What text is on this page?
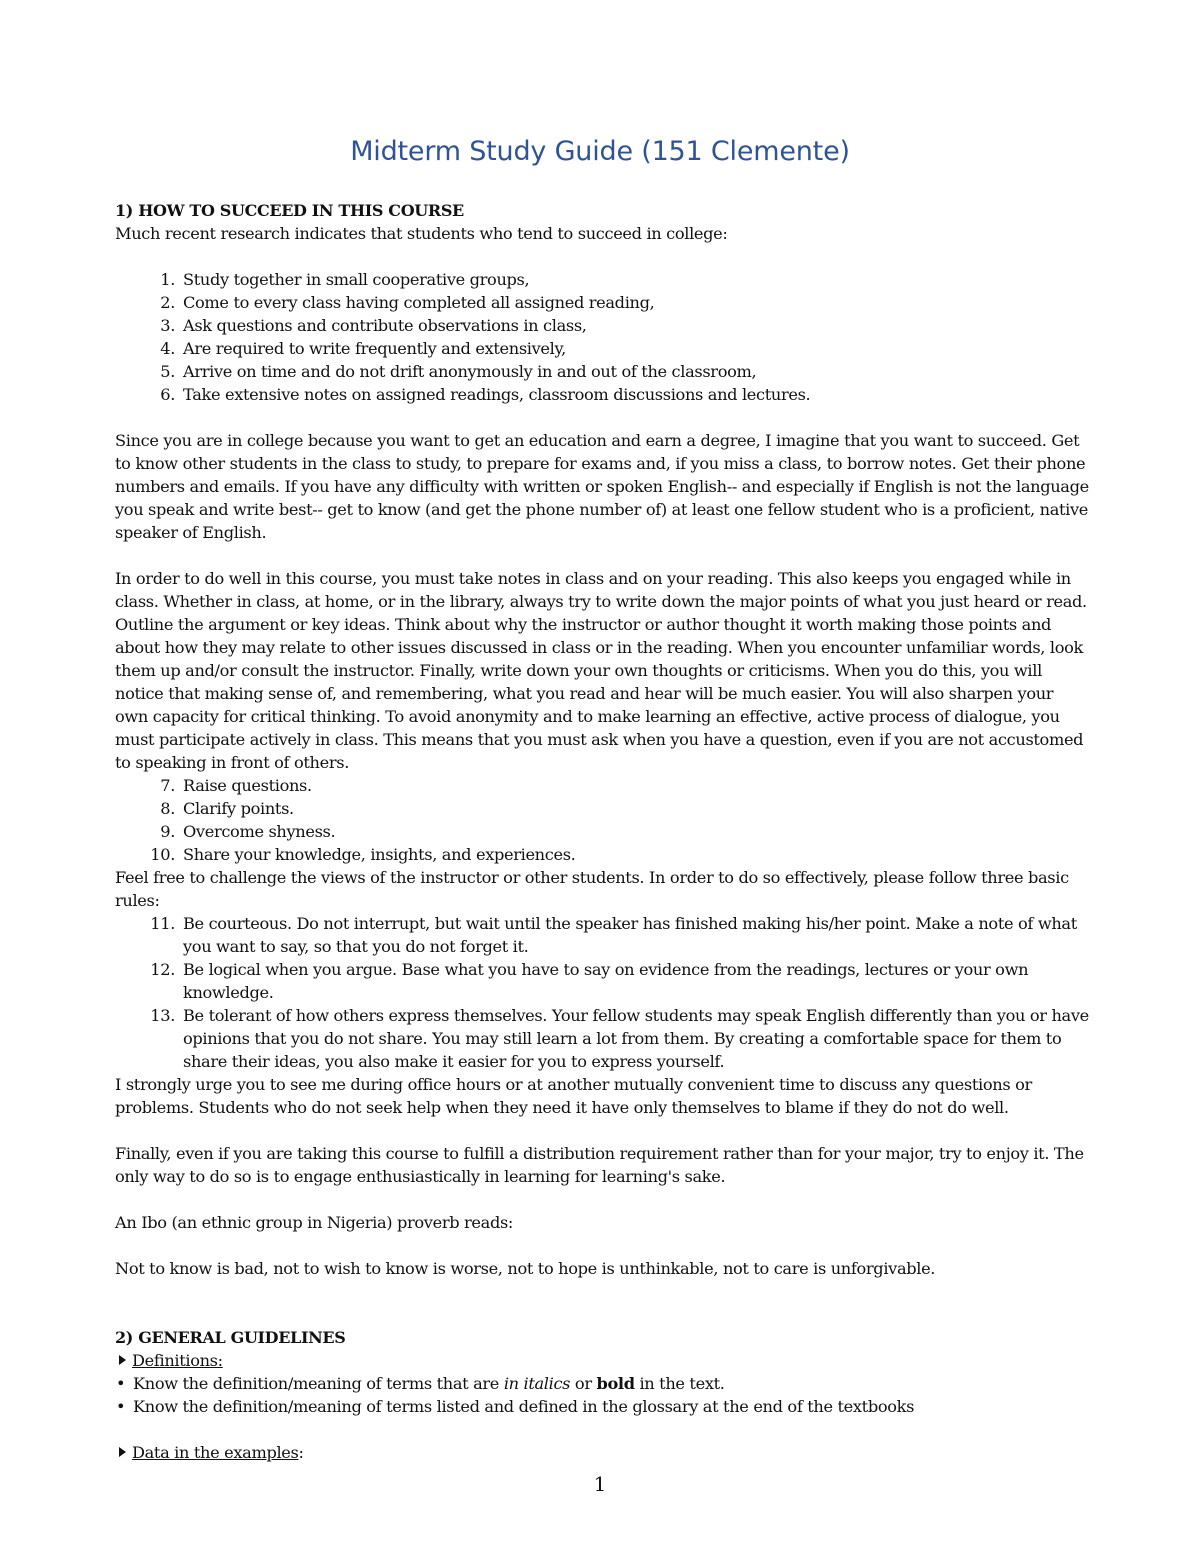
Midterm Study Guide (151 Clemente)

1) HOW TO SUCCEED IN THIS COURSE

Much recent research indicates that students who tend to succeed in college:

1. Study together in small cooperative groups,

2. Come to every class having completed all assigned reading,

3. Ask questions and contribute observations in class,

4. Are required to write frequently and extensively,

5. Arrive on time and do not drift anonymously in and out of the classroom,

6. Take extensive notes on assigned readings, classroom discussions and lectures.

Since you are in college because you want to get an education and earn a degree, I imagine that you want to succeed. Get to know other students in the class to study, to prepare for exams and, if you miss a class, to borrow notes. Get their phone numbers and emails. If you have any difficulty with written or spoken English-- and especially if English is not the language you speak and write best-- get to know (and get the phone number of) at least one fellow student who is a proficient, native speaker of English.

In order to do well in this course, you must take notes in class and on your reading. This also keeps you engaged while in class. Whether in class, at home, or in the library, always try to write down the major points of what you just heard or read. Outline the argument or key ideas. Think about why the instructor or author thought it worth making those points and about how they may relate to other issues discussed in class or in the reading. When you encounter unfamiliar words, look them up and/or consult the instructor. Finally, write down your own thoughts or criticisms. When you do this, you will notice that making sense of, and remembering, what you read and hear will be much easier. You will also sharpen your own capacity for critical thinking. To avoid anonymity and to make learning an effective, active process of dialogue, you must participate actively in class. This means that you must ask when you have a question, even if you are not accustomed to speaking in front of others.

7. Raise questions.

8. Clarify points.

9. Overcome shyness.

10. Share your knowledge, insights, and experiences.

Feel free to challenge the views of the instructor or other students. In order to do so effectively, please follow three basic rules:

11. Be courteous. Do not interrupt, but wait until the speaker has finished making his/her point. Make a note of what you want to say, so that you do not forget it.

12. Be logical when you argue. Base what you have to say on evidence from the readings, lectures or your own knowledge.

13. Be tolerant of how others express themselves. Your fellow students may speak English differently than you or have opinions that you do not share. You may still learn a lot from them. By creating a comfortable space for them to share their ideas, you also make it easier for you to express yourself.

I strongly urge you to see me during office hours or at another mutually convenient time to discuss any questions or problems. Students who do not seek help when they need it have only themselves to blame if they do not do well.

Finally, even if you are taking this course to fulfill a distribution requirement rather than for your major, try to enjoy it. The only way to do so is to engage enthusiastically in learning for learning's sake.

An Ibo (an ethnic group in Nigeria) proverb reads:

Not to know is bad, not to wish to know is worse, not to hope is unthinkable, not to care is unforgivable.

2) GENERAL GUIDELINES

Definitions:

• Know the definition/meaning of terms that are in italics or bold in the text.

• Know the definition/meaning of terms listed and defined in the glossary at the end of the textbooks

Data in the examples:

1
